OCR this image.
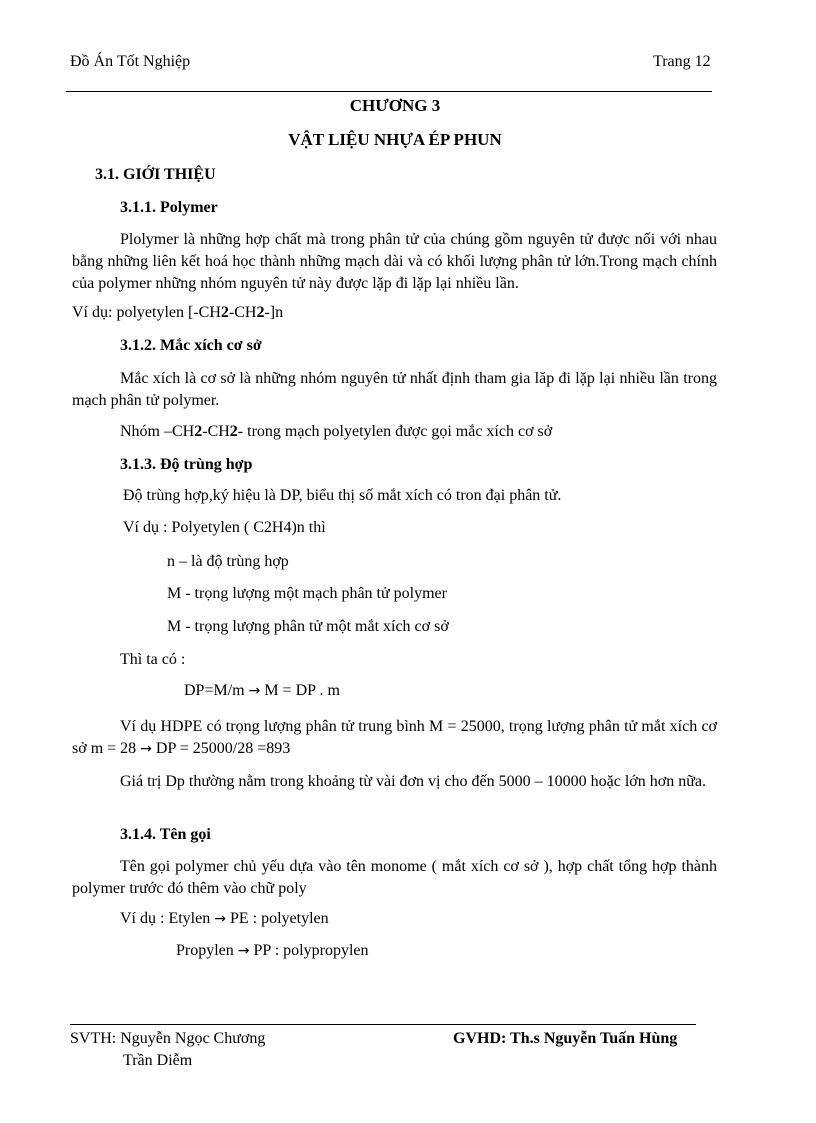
Đồ Án Tốt Nghiệp	Trang 12
CHƯƠNG 3
VẬT LIỆU NHỰA ÉP PHUN
3.1. GIỚI THIỆU
3.1.1. Polymer
Plolymer là những hợp chất mà trong phân tử của chúng gồm nguyên tử được nối với nhau bằng những liên kết hoá học thành những mạch dài và có khối lượng phân tử lớn.Trong mạch chính của polymer những nhóm nguyên tử này được lặp đi lặp lại nhiều lần.
Ví dụ: polyetylen [-CH2-CH2-]n
3.1.2. Mắc xích cơ sở
Mắc xích là cơ sở là những nhóm nguyên tử nhất định tham gia lăp đi lặp lại nhiều lần trong mạch phân tử polymer.
Nhóm –CH2-CH2- trong mạch polyetylen được gọi mắc xích cơ sở
3.1.3. Độ trùng hợp
Độ trùng hợp,ký hiệu là DP, biểu thị số mắt xích có tron đại phân tử.
Ví dụ : Polyetylen ( C2H4)n thì
n – là độ trùng hợp
M - trọng lượng một mạch phân tử polymer
M - trọng lượng phân tử một mắt xích cơ sở
Thì ta có :
DP=M/m → M = DP . m
Ví dụ HDPE có trọng lượng phân tử trung bình M = 25000, trọng lượng phân tử mắt xích cơ sở m = 28 → DP = 25000/28 =893
Giá trị Dp thường nằm trong khoảng từ vài đơn vị cho đến 5000 – 10000 hoặc lớn hơn nữa.
3.1.4. Tên gọi
Tên gọi polymer chủ yếu dựa vào tên monome ( mắt xích cơ sở ), hợp chất tổng hợp thành polymer trước đó thêm vào chữ poly
Ví dụ : Etylen → PE : polyetylen
Propylen → PP : polypropylen
SVTH: Nguyễn Ngọc Chương
Trần Diễm
GVHD: Th.s Nguyễn Tuấn Hùng
